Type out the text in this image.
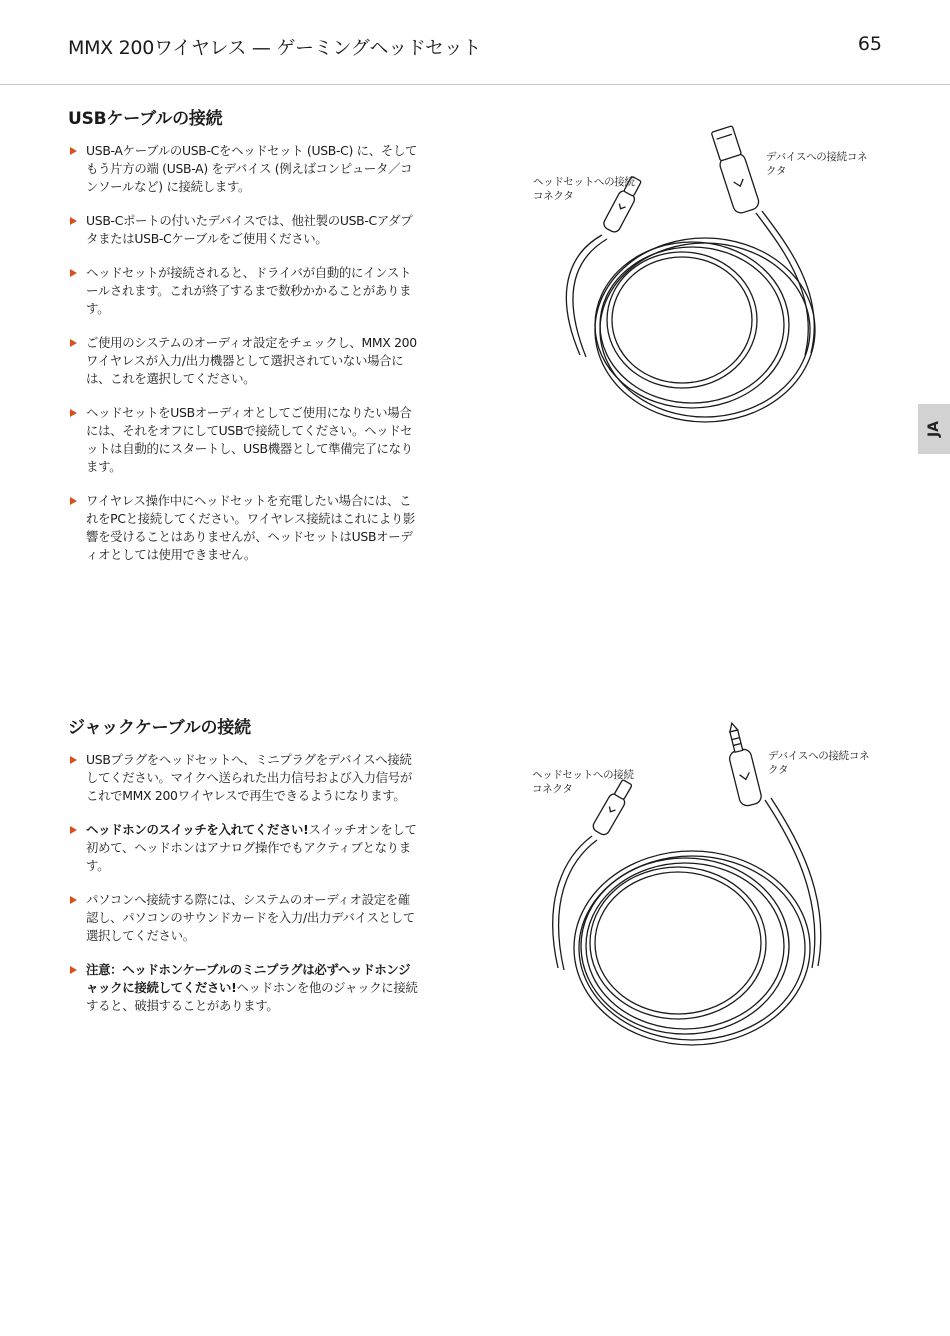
MMX 200ワイヤレス — ゲーミングヘッドセット	65
USBケーブルの接続
USB-AケーブルのUSB-Cをヘッドセット (USB-C) に、そしてもう片方の端 (USB-A) をデバイス (例えばコンピュータ／コンソールなど) に接続します。
USB‐Cポートの付いたデバイスでは、他社製のUSB‐CアダプタまたはUSB‐Cケーブルをご使用ください。
ヘッドセットが接続されると、ドライバが自動的にインストールされます。これが終了するまで数秒かかることがあります。
ご使用のシステムのオーディオ設定をチェックし、MMX 200ワイヤレスが入力/出力機器として選択されていない場合には、これを選択してください。
ヘッドセットをUSBオーディオとしてご使用になりたい場合には、それをオフにしてUSBで接続してください。ヘッドセットは自動的にスタートし、USB機器として準備完了になります。
ワイヤレス操作中にヘッドセットを充電したい場合には、これをPCと接続してください。ワイヤレス接続はこれにより影響を受けることはありませんが、ヘッドセットはUSBオーディオとしては使用できません。
ヘッドセットへの接続コネクタ
デバイスへの接続コネクタ
JA
ジャックケーブルの接続
USBプラグをヘッドセットへ、ミニプラグをデバイスへ接続してください。マイクへ送られた出力信号および入力信号がこれでMMX 200ワイヤレスで再生できるようになります。
ヘッドホンのスイッチを入れてください!スイッチオンをして初めて、ヘッドホンはアナログ操作でもアクティブとなります。
パソコンへ接続する際には、システムのオーディオ設定を確認し、パソコンのサウンドカードを入力/出力デバイスとして選択してください。
注意：ヘッドホンケーブルのミニプラグは必ずヘッドホンジャックに接続してください!ヘッドホンを他のジャックに接続すると、破損することがあります。
ヘッドセットへの接続コネクタ
デバイスへの接続コネクタ
